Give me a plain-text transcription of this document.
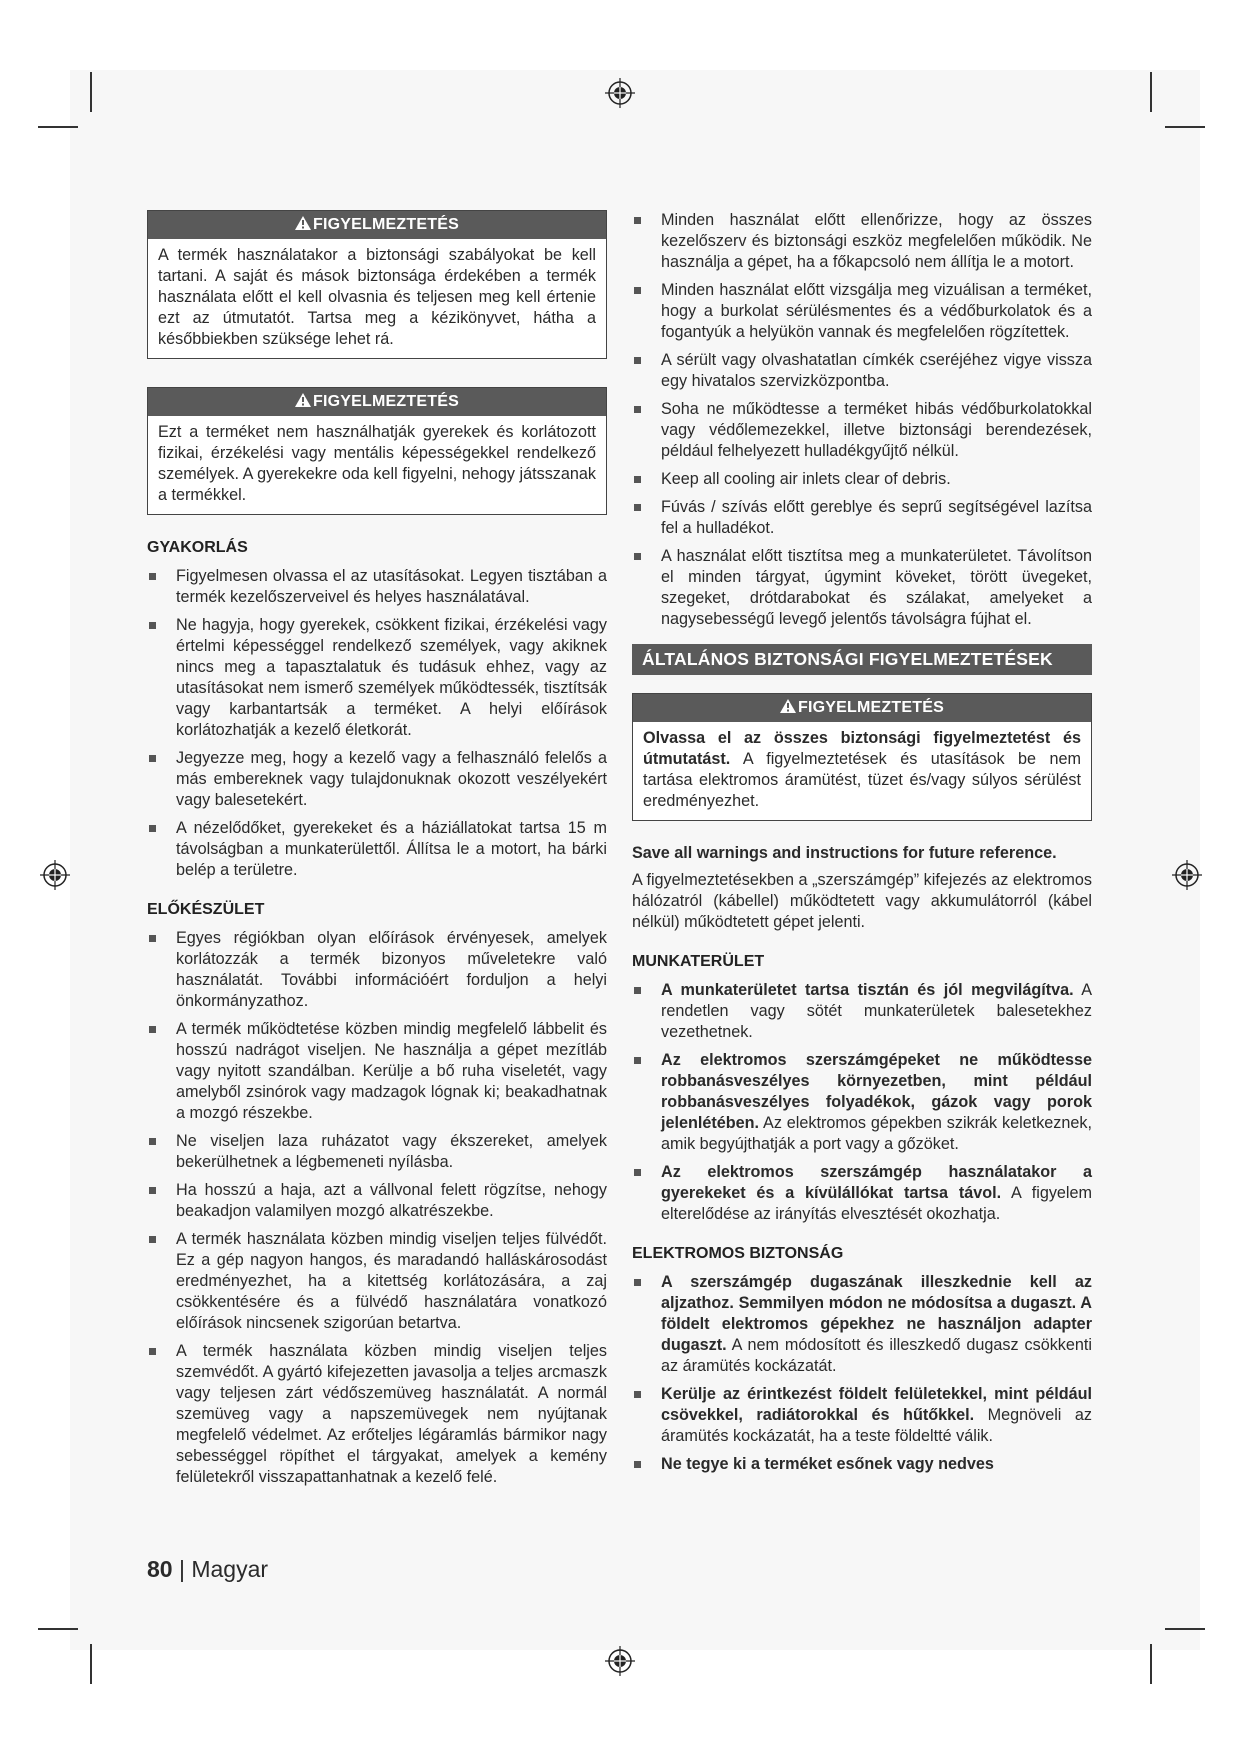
FIGYELMEZTETÉS
A termék használatakor a biztonsági szabályokat be kell tartani. A saját és mások biztonsága érdekében a termék használata előtt el kell olvasnia és teljesen meg kell értenie ezt az útmutatót. Tartsa meg a kézikönyvet, hátha a későbbiekben szüksége lehet rá.
FIGYELMEZTETÉS
Ezt a terméket nem használhatják gyerekek és korlátozott fizikai, érzékelési vagy mentális képességekkel rendelkező személyek. A gyerekekre oda kell figyelni, nehogy játsszanak a termékkel.
GYAKORLÁS
Figyelmesen olvassa el az utasításokat. Legyen tisztában a termék kezelőszerveivel és helyes használatával.
Ne hagyja, hogy gyerekek, csökkent fizikai, érzékelési vagy értelmi képességgel rendelkező személyek, vagy akiknek nincs meg a tapasztalatuk és tudásuk ehhez, vagy az utasításokat nem ismerő személyek működtessék, tisztítsák vagy karbantartsák a terméket. A helyi előírások korlátozhatják a kezelő életkorát.
Jegyezze meg, hogy a kezelő vagy a felhasználó felelős a más embereknek vagy tulajdonuknak okozott veszélyekért vagy balesetekért.
A nézelődőket, gyerekeket és a háziállatokat tartsa 15 m távolságban a munkaterülettől. Állítsa le a motort, ha bárki belép a területre.
ELŐKÉSZÜLET
Egyes régiókban olyan előírások érvényesek, amelyek korlátozzák a termék bizonyos műveletekre való használatát. További információért forduljon a helyi önkormányzathoz.
A termék működtetése közben mindig megfelelő lábbelit és hosszú nadrágot viseljen. Ne használja a gépet mezítláb vagy nyitott szandálban. Kerülje a bő ruha viseletét, vagy amelyből zsinórok vagy madzagok lógnak ki; beakadhatnak a mozgó részekbe.
Ne viseljen laza ruházatot vagy ékszereket, amelyek bekerülhetnek a légbemeneti nyílásba.
Ha hosszú a haja, azt a vállvonal felett rögzítse, nehogy beakadjon valamilyen mozgó alkatrészekbe.
A termék használata közben mindig viseljen teljes fülvédőt. Ez a gép nagyon hangos, és maradandó halláskárosodást eredményezhet, ha a kitettség korlátozására, a zaj csökkentésére és a fülvédő használatára vonatkozó előírások nincsenek szigorúan betartva.
A termék használata közben mindig viseljen teljes szemvédőt. A gyártó kifejezetten javasolja a teljes arcmaszk vagy teljesen zárt védőszemüveg használatát. A normál szemüveg vagy a napszemüvegek nem nyújtanak megfelelő védelmet. Az erőteljes légáramlás bármikor nagy sebességgel röpíthet el tárgyakat, amelyek a kemény felületekről visszapattanhatnak a kezelő felé.
Minden használat előtt ellenőrizze, hogy az összes kezelőszerv és biztonsági eszköz megfelelően működik. Ne használja a gépet, ha a főkapcsoló nem állítja le a motort.
Minden használat előtt vizsgálja meg vizuálisan a terméket, hogy a burkolat sérülésmentes és a védőburkolatok és a fogantyúk a helyükön vannak és megfelelően rögzítettek.
A sérült vagy olvashatatlan címkék cseréjéhez vigye vissza egy hivatalos szervizközpontba.
Soha ne működtesse a terméket hibás védőburkolatokkal vagy védőlemezekkel, illetve biztonsági berendezések, például felhelyezett hulladékgyűjtő nélkül.
Keep all cooling air inlets clear of debris.
Fúvás / szívás előtt gereblye és seprű segítségével lazítsa fel a hulladékot.
A használat előtt tisztítsa meg a munkaterületet. Távolítson el minden tárgyat, úgymint köveket, törött üvegeket, szegeket, drótdarabokat és szálakat, amelyeket a nagysebességű levegő jelentős távolságra fújhat el.
ÁLTALÁNOS BIZTONSÁGI FIGYELMEZTETÉSEK
FIGYELMEZTETÉS
Olvassa el az összes biztonsági figyelmeztetést és útmutatást. A figyelmeztetések és utasítások be nem tartása elektromos áramütést, tüzet és/vagy súlyos sérülést eredményezhet.

Save all warnings and instructions for future reference.

A figyelmeztetésekben a „szerszámgép” kifejezés az elektromos hálózatról (kábellel) működtetett vagy akkumulátorról (kábel nélkül) működtetett gépet jelenti.

MUNKATERÜLET
A munkaterületet tartsa tisztán és jól megvilágítva. A rendetlen vagy sötét munkaterületek balesetekhez vezethetnek.
Az elektromos szerszámgépeket ne működtesse robbanásveszélyes környezetben, mint például robbanásveszélyes folyadékok, gázok vagy porok jelenlétében. Az elektromos gépekben szikrák keletkeznek, amik begyújthatják a port vagy a gőzöket.
Az elektromos szerszámgép használatakor a gyerekeket és a kívülállókat tartsa távol. A figyelem elterelődése az irányítás elvesztését okozhatja.
ELEKTROMOS BIZTONSÁG
A szerszámgép dugaszának illeszkednie kell az aljzathoz. Semmilyen módon ne módosítsa a dugaszt. A földelt elektromos gépekhez ne használjon adapter dugaszt. A nem módosított és illeszkedő dugasz csökkenti az áramütés kockázatát.
Kerülje az érintkezést földelt felületekkel, mint például csövekkel, radiátorokkal és hűtőkkel. Megnöveli az áramütés kockázatát, ha a teste földeltté válik.
Ne tegye ki a terméket esőnek vagy nedves
80 | Magyar
